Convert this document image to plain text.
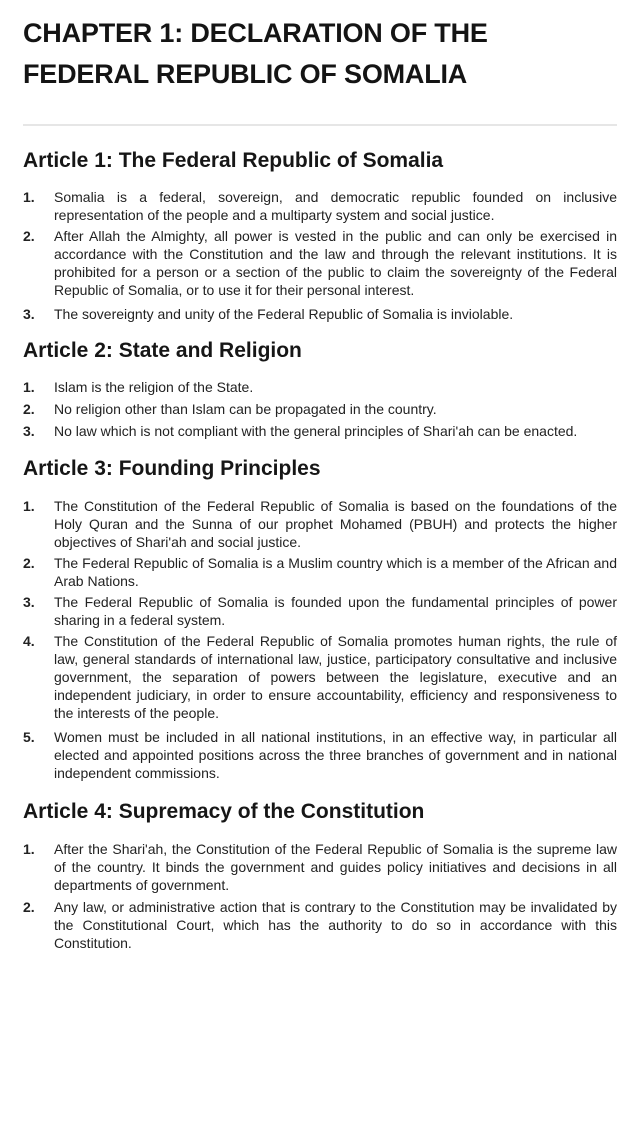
CHAPTER 1: DECLARATION OF THE FEDERAL REPUBLIC OF SOMALIA
Article 1: The Federal Republic of Somalia
1. Somalia is a federal, sovereign, and democratic republic founded on inclusive representation of the people and a multiparty system and social justice.
2. After Allah the Almighty, all power is vested in the public and can only be exercised in accordance with the Constitution and the law and through the relevant institutions. It is prohibited for a person or a section of the public to claim the sovereignty of the Federal Republic of Somalia, or to use it for their personal interest.
3. The sovereignty and unity of the Federal Republic of Somalia is inviolable.
Article 2: State and Religion
1. Islam is the religion of the State.
2. No religion other than Islam can be propagated in the country.
3. No law which is not compliant with the general principles of Shari'ah can be enacted.
Article 3: Founding Principles
1. The Constitution of the Federal Republic of Somalia is based on the foundations of the Holy Quran and the Sunna of our prophet Mohamed (PBUH) and protects the higher objectives of Shari'ah and social justice.
2. The Federal Republic of Somalia is a Muslim country which is a member of the African and Arab Nations.
3. The Federal Republic of Somalia is founded upon the fundamental principles of power sharing in a federal system.
4. The Constitution of the Federal Republic of Somalia promotes human rights, the rule of law, general standards of international law, justice, participatory consultative and inclusive government, the separation of powers between the legislature, executive and an independent judiciary, in order to ensure accountability, efficiency and responsiveness to the interests of the people.
5. Women must be included in all national institutions, in an effective way, in particular all elected and appointed positions across the three branches of government and in national independent commissions.
Article 4: Supremacy of the Constitution
1. After the Shari'ah, the Constitution of the Federal Republic of Somalia is the supreme law of the country. It binds the government and guides policy initiatives and decisions in all departments of government.
2. Any law, or administrative action that is contrary to the Constitution may be invalidated by the Constitutional Court, which has the authority to do so in accordance with this Constitution.
